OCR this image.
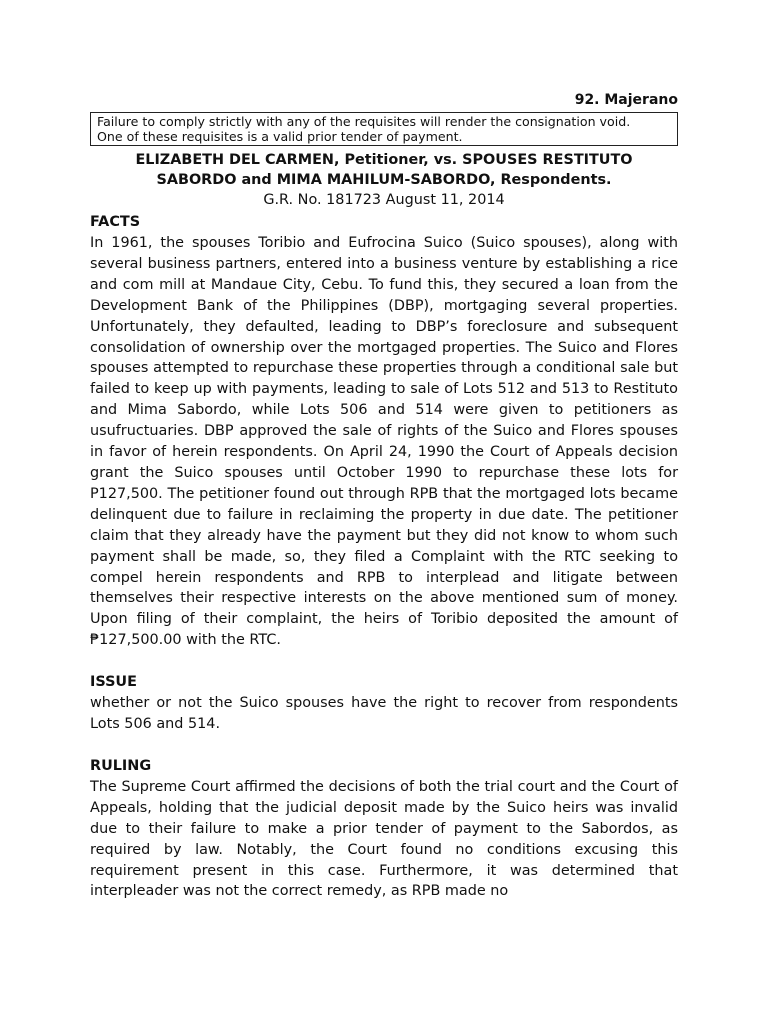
92. Majerano
Failure to comply strictly with any of the requisites will render the consignation void.
One of these requisites is a valid prior tender of payment.
ELIZABETH DEL CARMEN, Petitioner, vs. SPOUSES RESTITUTO
SABORDO and MIMA MAHILUM-SABORDO, Respondents.
G.R. No. 181723 August 11, 2014
FACTS
In 1961, the spouses Toribio and Eufrocina Suico (Suico spouses), along with several business partners, entered into a business venture by establishing a rice and com mill at Mandaue City, Cebu. To fund this, they secured a loan from the Development Bank of the Philippines (DBP), mortgaging several properties. Unfortunately, they defaulted, leading to DBP’s foreclosure and subsequent consolidation of ownership over the mortgaged properties. The Suico and Flores spouses attempted to repurchase these properties through a conditional sale but failed to keep up with payments, leading to sale of Lots 512 and 513 to Restituto and Mima Sabordo, while Lots 506 and 514 were given to petitioners as usufructuaries. DBP approved the sale of rights of the Suico and Flores spouses in favor of herein respondents. On April 24, 1990 the Court of Appeals decision grant the Suico spouses until October 1990 to repurchase these lots for P127,500. The petitioner found out through RPB that the mortgaged lots became delinquent due to failure in reclaiming the property in due date. The petitioner claim that they already have the payment but they did not know to whom such payment shall be made, so, they filed a Complaint with the RTC seeking to compel herein respondents and RPB to interplead and litigate between themselves their respective interests on the above mentioned sum of money. Upon filing of their complaint, the heirs of Toribio deposited the amount of ₱127,500.00 with the RTC.
ISSUE
whether or not the Suico spouses have the right to recover from respondents Lots 506 and 514.
RULING
The Supreme Court affirmed the decisions of both the trial court and the Court of Appeals, holding that the judicial deposit made by the Suico heirs was invalid due to their failure to make a prior tender of payment to the Sabordos, as required by law. Notably, the Court found no conditions excusing this requirement present in this case. Furthermore, it was determined that interpleader was not the correct remedy, as RPB made no
